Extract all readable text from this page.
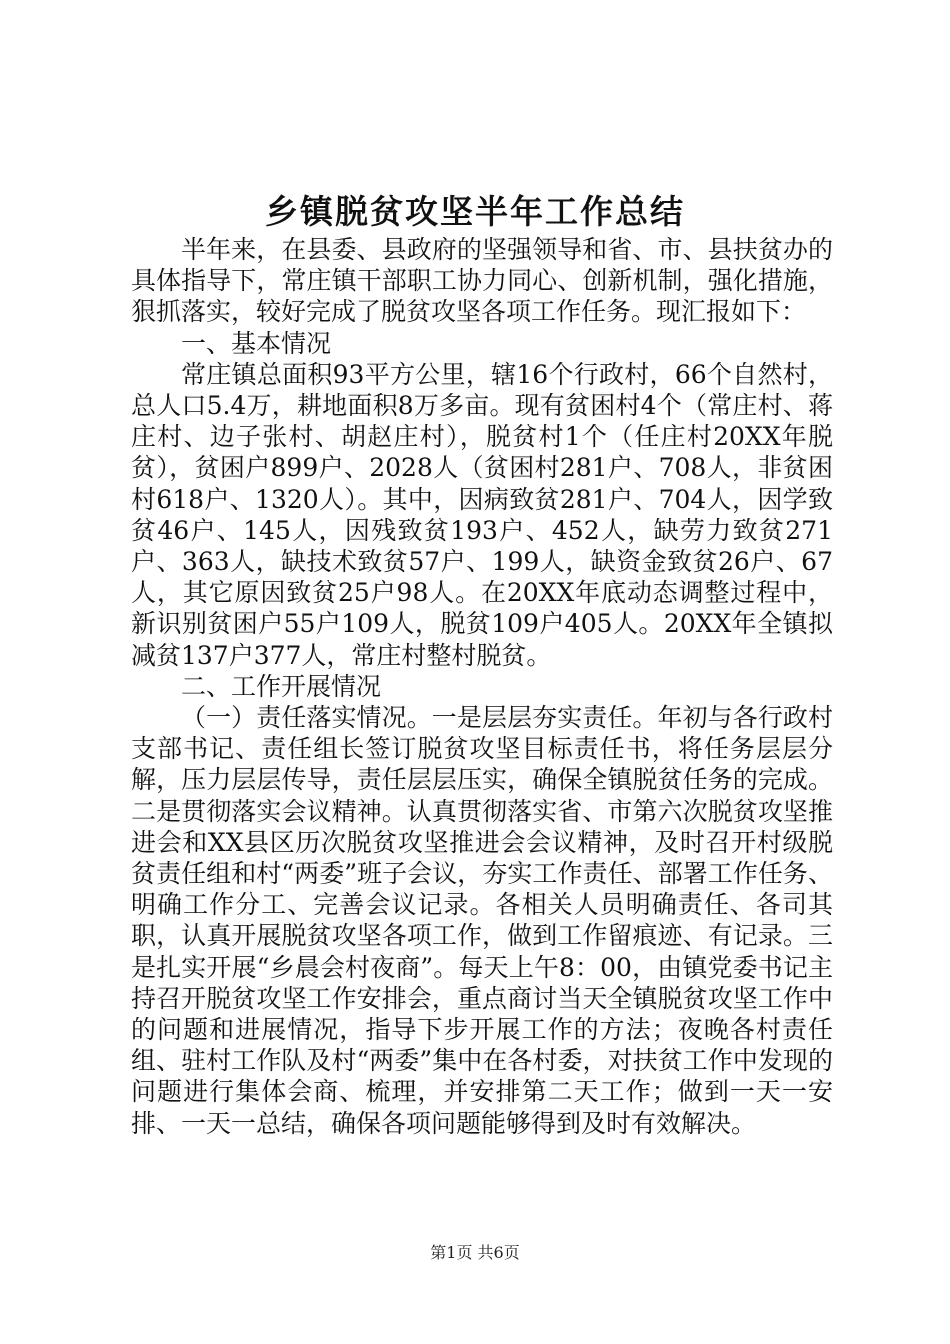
乡镇脱贫攻坚半年工作总结

半年来，在县委、县政府的坚强领导和省、市、县扶贫办的具体指导下，常庄镇干部职工协力同心、创新机制，强化措施，狠抓落实，较好完成了脱贫攻坚各项工作任务。现汇报如下：

一、基本情况

常庄镇总面积93平方公里，辖16个行政村，66个自然村，总人口5.4万，耕地面积8万多亩。现有贫困村4个（常庄村、蒋庄村、边子张村、胡赵庄村），脱贫村1个（任庄村20XX年脱贫），贫困户899户、2028人（贫困村281户、708人，非贫困村618户、1320人）。其中，因病致贫281户、704人，因学致贫46户、145人，因残致贫193户、452人，缺劳力致贫271户、363人，缺技术致贫57户、199人，缺资金致贫26户、67人，其它原因致贫25户98人。在20XX年底动态调整过程中，新识别贫困户55户109人，脱贫109户405人。20XX年全镇拟减贫137户377人，常庄村整村脱贫。

二、工作开展情况

（一）责任落实情况。一是层层夯实责任。年初与各行政村支部书记、责任组长签订脱贫攻坚目标责任书，将任务层层分解，压力层层传导，责任层层压实，确保全镇脱贫任务的完成。二是贯彻落实会议精神。认真贯彻落实省、市第六次脱贫攻坚推进会和XX县区历次脱贫攻坚推进会会议精神，及时召开村级脱贫责任组和村“两委”班子会议，夯实工作责任、部署工作任务、明确工作分工、完善会议记录。各相关人员明确责任、各司其职，认真开展脱贫攻坚各项工作，做到工作留痕迹、有记录。三是扎实开展“乡晨会村夜商”。每天上午8：00，由镇党委书记主持召开脱贫攻坚工作安排会，重点商讨当天全镇脱贫攻坚工作中的问题和进展情况，指导下步开展工作的方法；夜晚各村责任组、驻村工作队及村“两委”集中在各村委，对扶贫工作中发现的问题进行集体会商、梳理，并安排第二天工作；做到一天一安排、一天一总结，确保各项问题能够得到及时有效解决。

第1页 共6页
